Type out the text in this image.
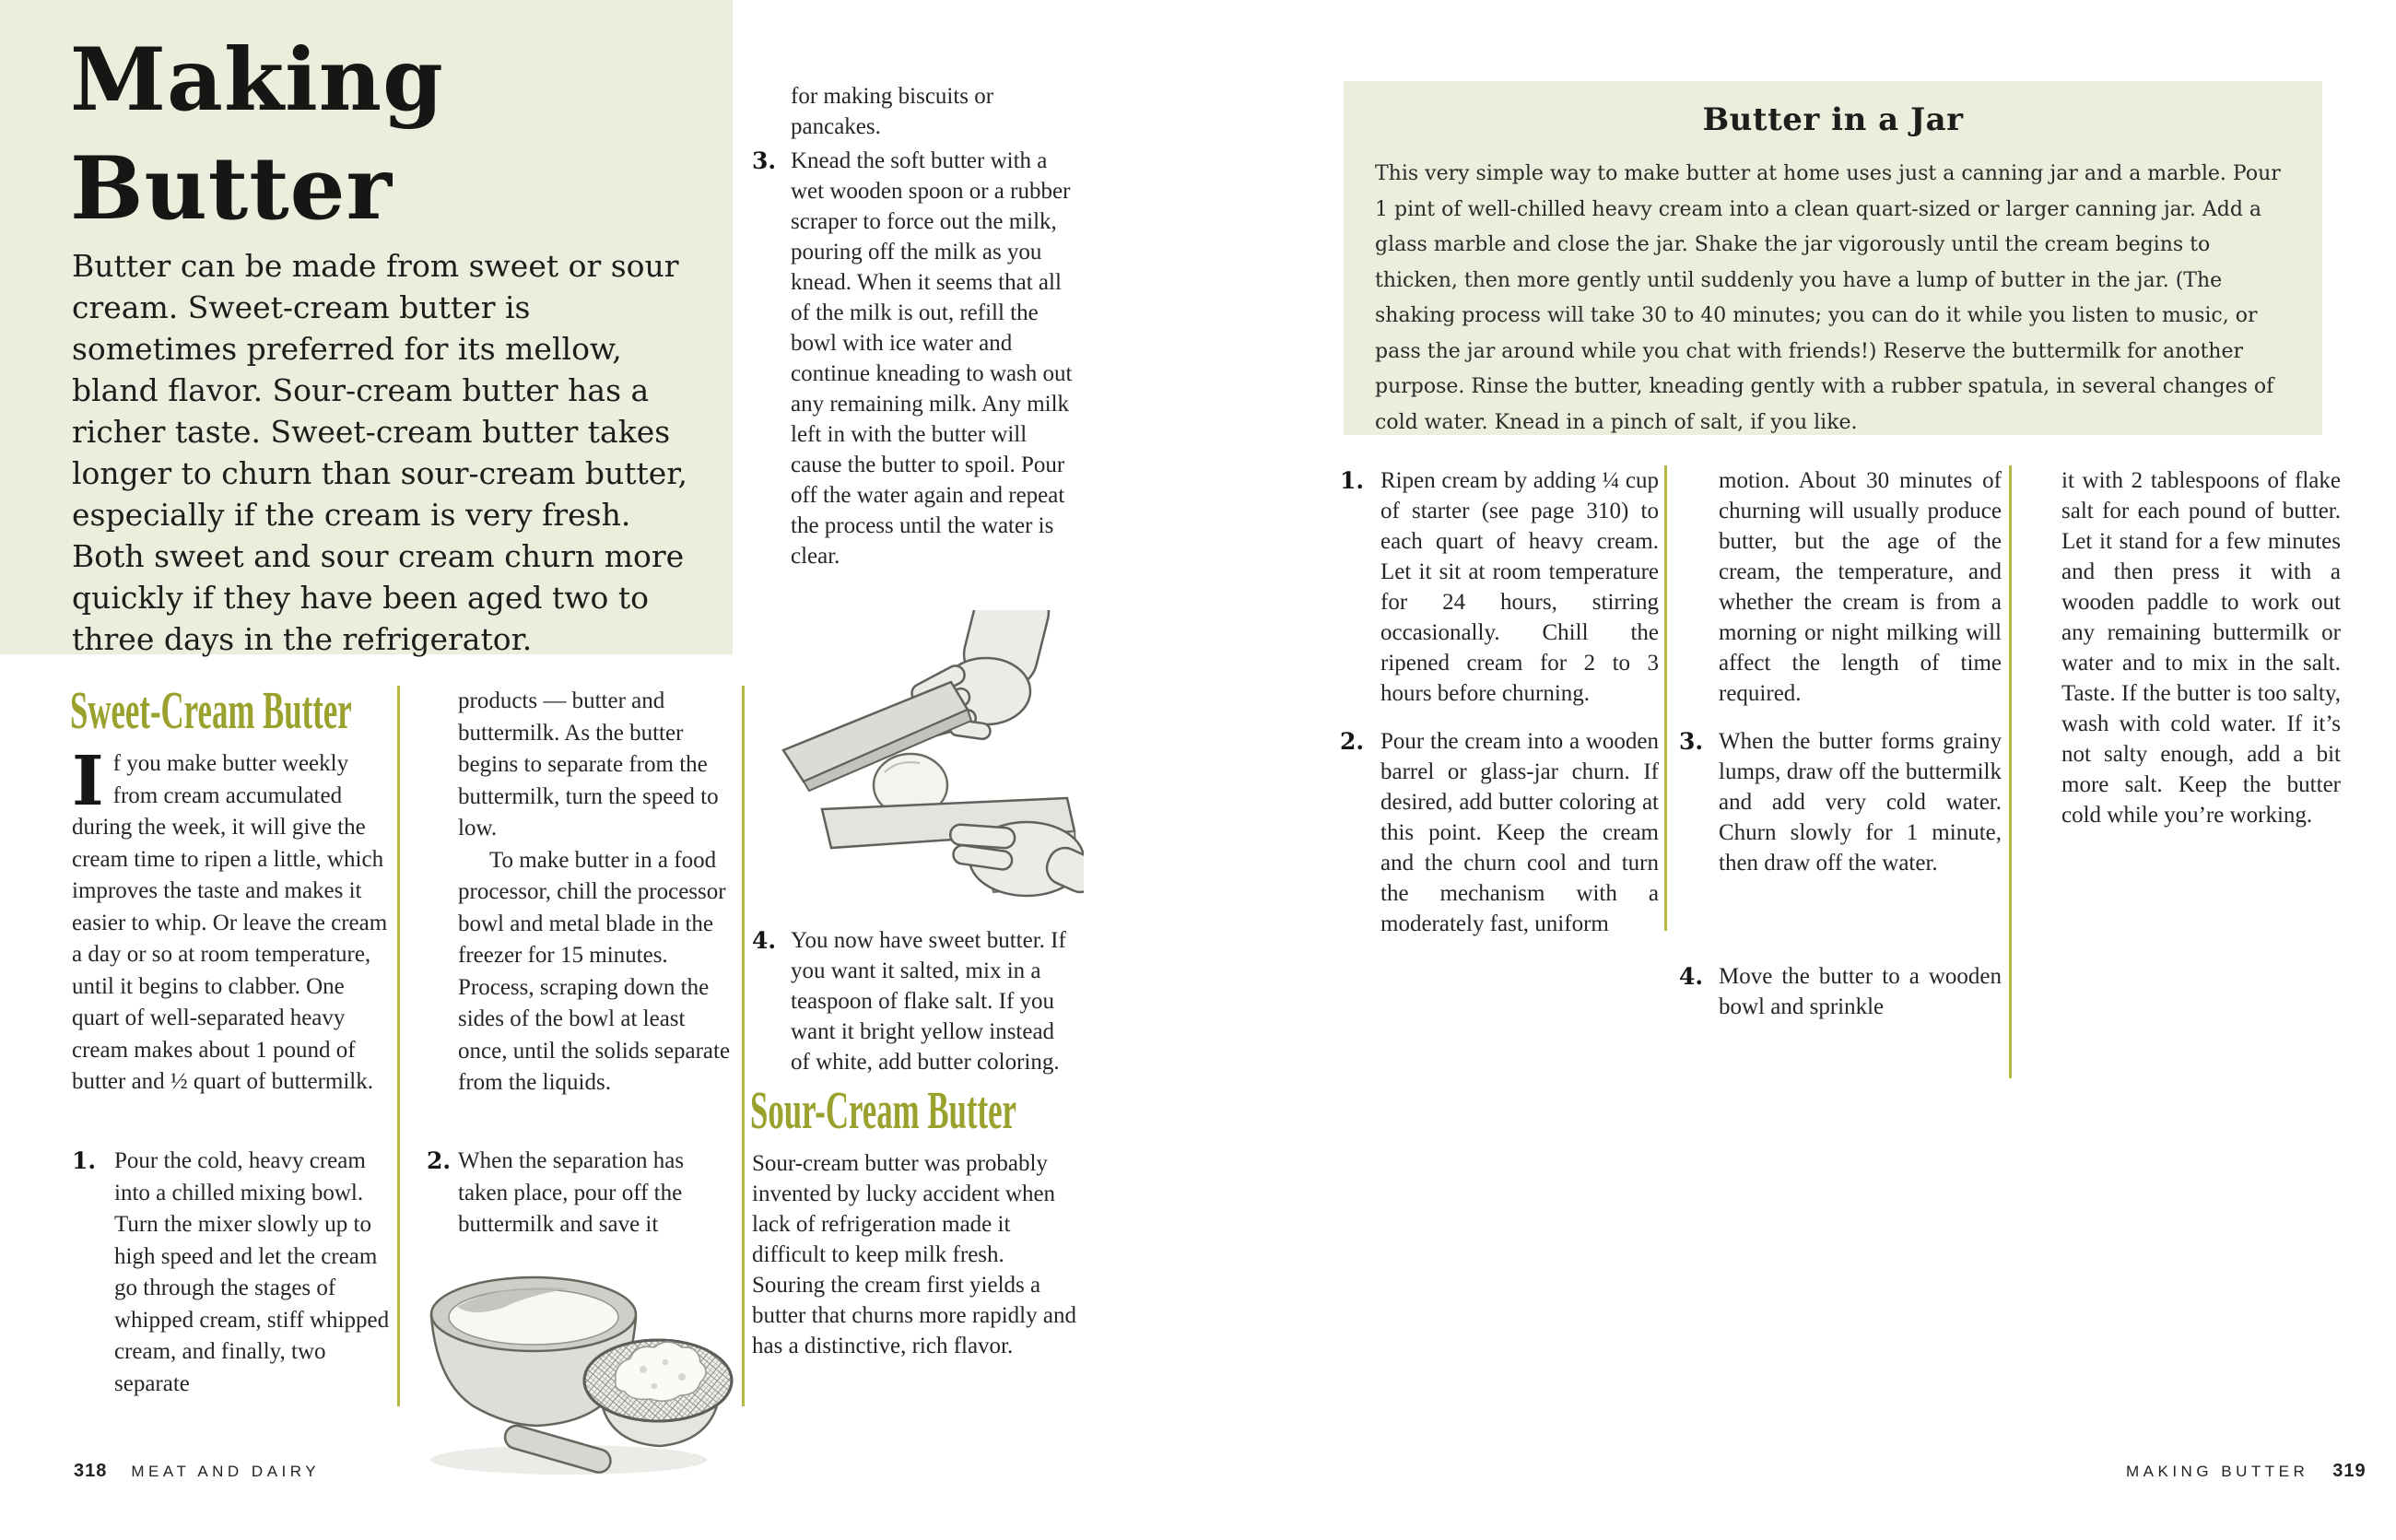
Making
Butter

Butter can be made from sweet or sour cream. Sweet-cream butter is sometimes preferred for its mellow, bland flavor. Sour-cream butter has a richer taste. Sweet-cream butter takes longer to churn than sour-cream butter, especially if the cream is very fresh. Both sweet and sour cream churn more quickly if they have been aged two to three days in the refrigerator.

Sweet-Cream Butter
If you make butter weekly from cream accumulated during the week, it will give the cream time to ripen a little, which improves the taste and makes it easier to whip. Or leave the cream a day or so at room temperature, until it begins to clabber. One quart of well-separated heavy cream makes about 1 pound of butter and ½ quart of buttermilk.
1. Pour the cold, heavy cream into a chilled mixing bowl. Turn the mixer slowly up to high speed and let the cream go through the stages of whipped cream, stiff whipped cream, and finally, two separate

products — butter and buttermilk. As the butter begins to separate from the buttermilk, turn the speed to low.

To make butter in a food processor, chill the processor bowl and metal blade in the freezer for 15 minutes. Process, scraping down the sides of the bowl at least once, until the solids separate from the liquids.

2. When the separation has taken place, pour off the buttermilk and save it

for making biscuits or pancakes.

3. Knead the soft butter with a wet wooden spoon or a rubber scraper to force out the milk, pouring off the milk as you knead. When it seems that all of the milk is out, refill the bowl with ice water and continue kneading to wash out any remaining milk. Any milk left in with the butter will cause the butter to spoil. Pour off the water again and repeat the process until the water is clear.

4. You now have sweet butter. If you want it salted, mix in a teaspoon of flake salt. If you want it bright yellow instead of white, add butter coloring.

Sour-Cream Butter

Sour-cream butter was probably invented by lucky accident when lack of refrigeration made it difficult to keep milk fresh. Souring the cream first yields a butter that churns more rapidly and has a distinctive, rich flavor.

318 MEAT AND DAIRY
Butter in a Jar

This very simple way to make butter at home uses just a canning jar and a marble. Pour 1 pint of well-chilled heavy cream into a clean quart-sized or larger canning jar. Add a glass marble and close the jar. Shake the jar vigorously until the cream begins to thicken, then more gently until suddenly you have a lump of butter in the jar. (The shaking process will take 30 to 40 minutes; you can do it while you listen to music, or pass the jar around while you chat with friends!) Reserve the buttermilk for another purpose. Rinse the butter, kneading gently with a rubber spatula, in several changes of cold water. Knead in a pinch of salt, if you like.

1. Ripen cream by adding ¼ cup of starter (see page 310) to each quart of heavy cream. Let it sit at room temperature for 24 hours, stirring occasionally. Chill the ripened cream for 2 to 3 hours before churning.

2. Pour the cream into a wooden barrel or glass-jar churn. If desired, add butter coloring at this point. Keep the cream and the churn cool and turn the mechanism with a moderately fast, uniform

motion. About 30 minutes of churning will usually produce butter, but the age of the cream, the temperature, and whether the cream is from a morning or night milking will affect the length of time required.

3. When the butter forms grainy lumps, draw off the buttermilk and add very cold water. Churn slowly for 1 minute, then draw off the water.

4. Move the butter to a wooden bowl and sprinkle

it with 2 tablespoons of flake salt for each pound of butter. Let it stand for a few minutes and then press it with a wooden paddle to work out any remaining buttermilk or water and to mix in the salt. Taste. If the butter is too salty, wash with cold water. If it’s not salty enough, add a bit more salt. Keep the butter cold while you’re working.

MAKING BUTTER 319
